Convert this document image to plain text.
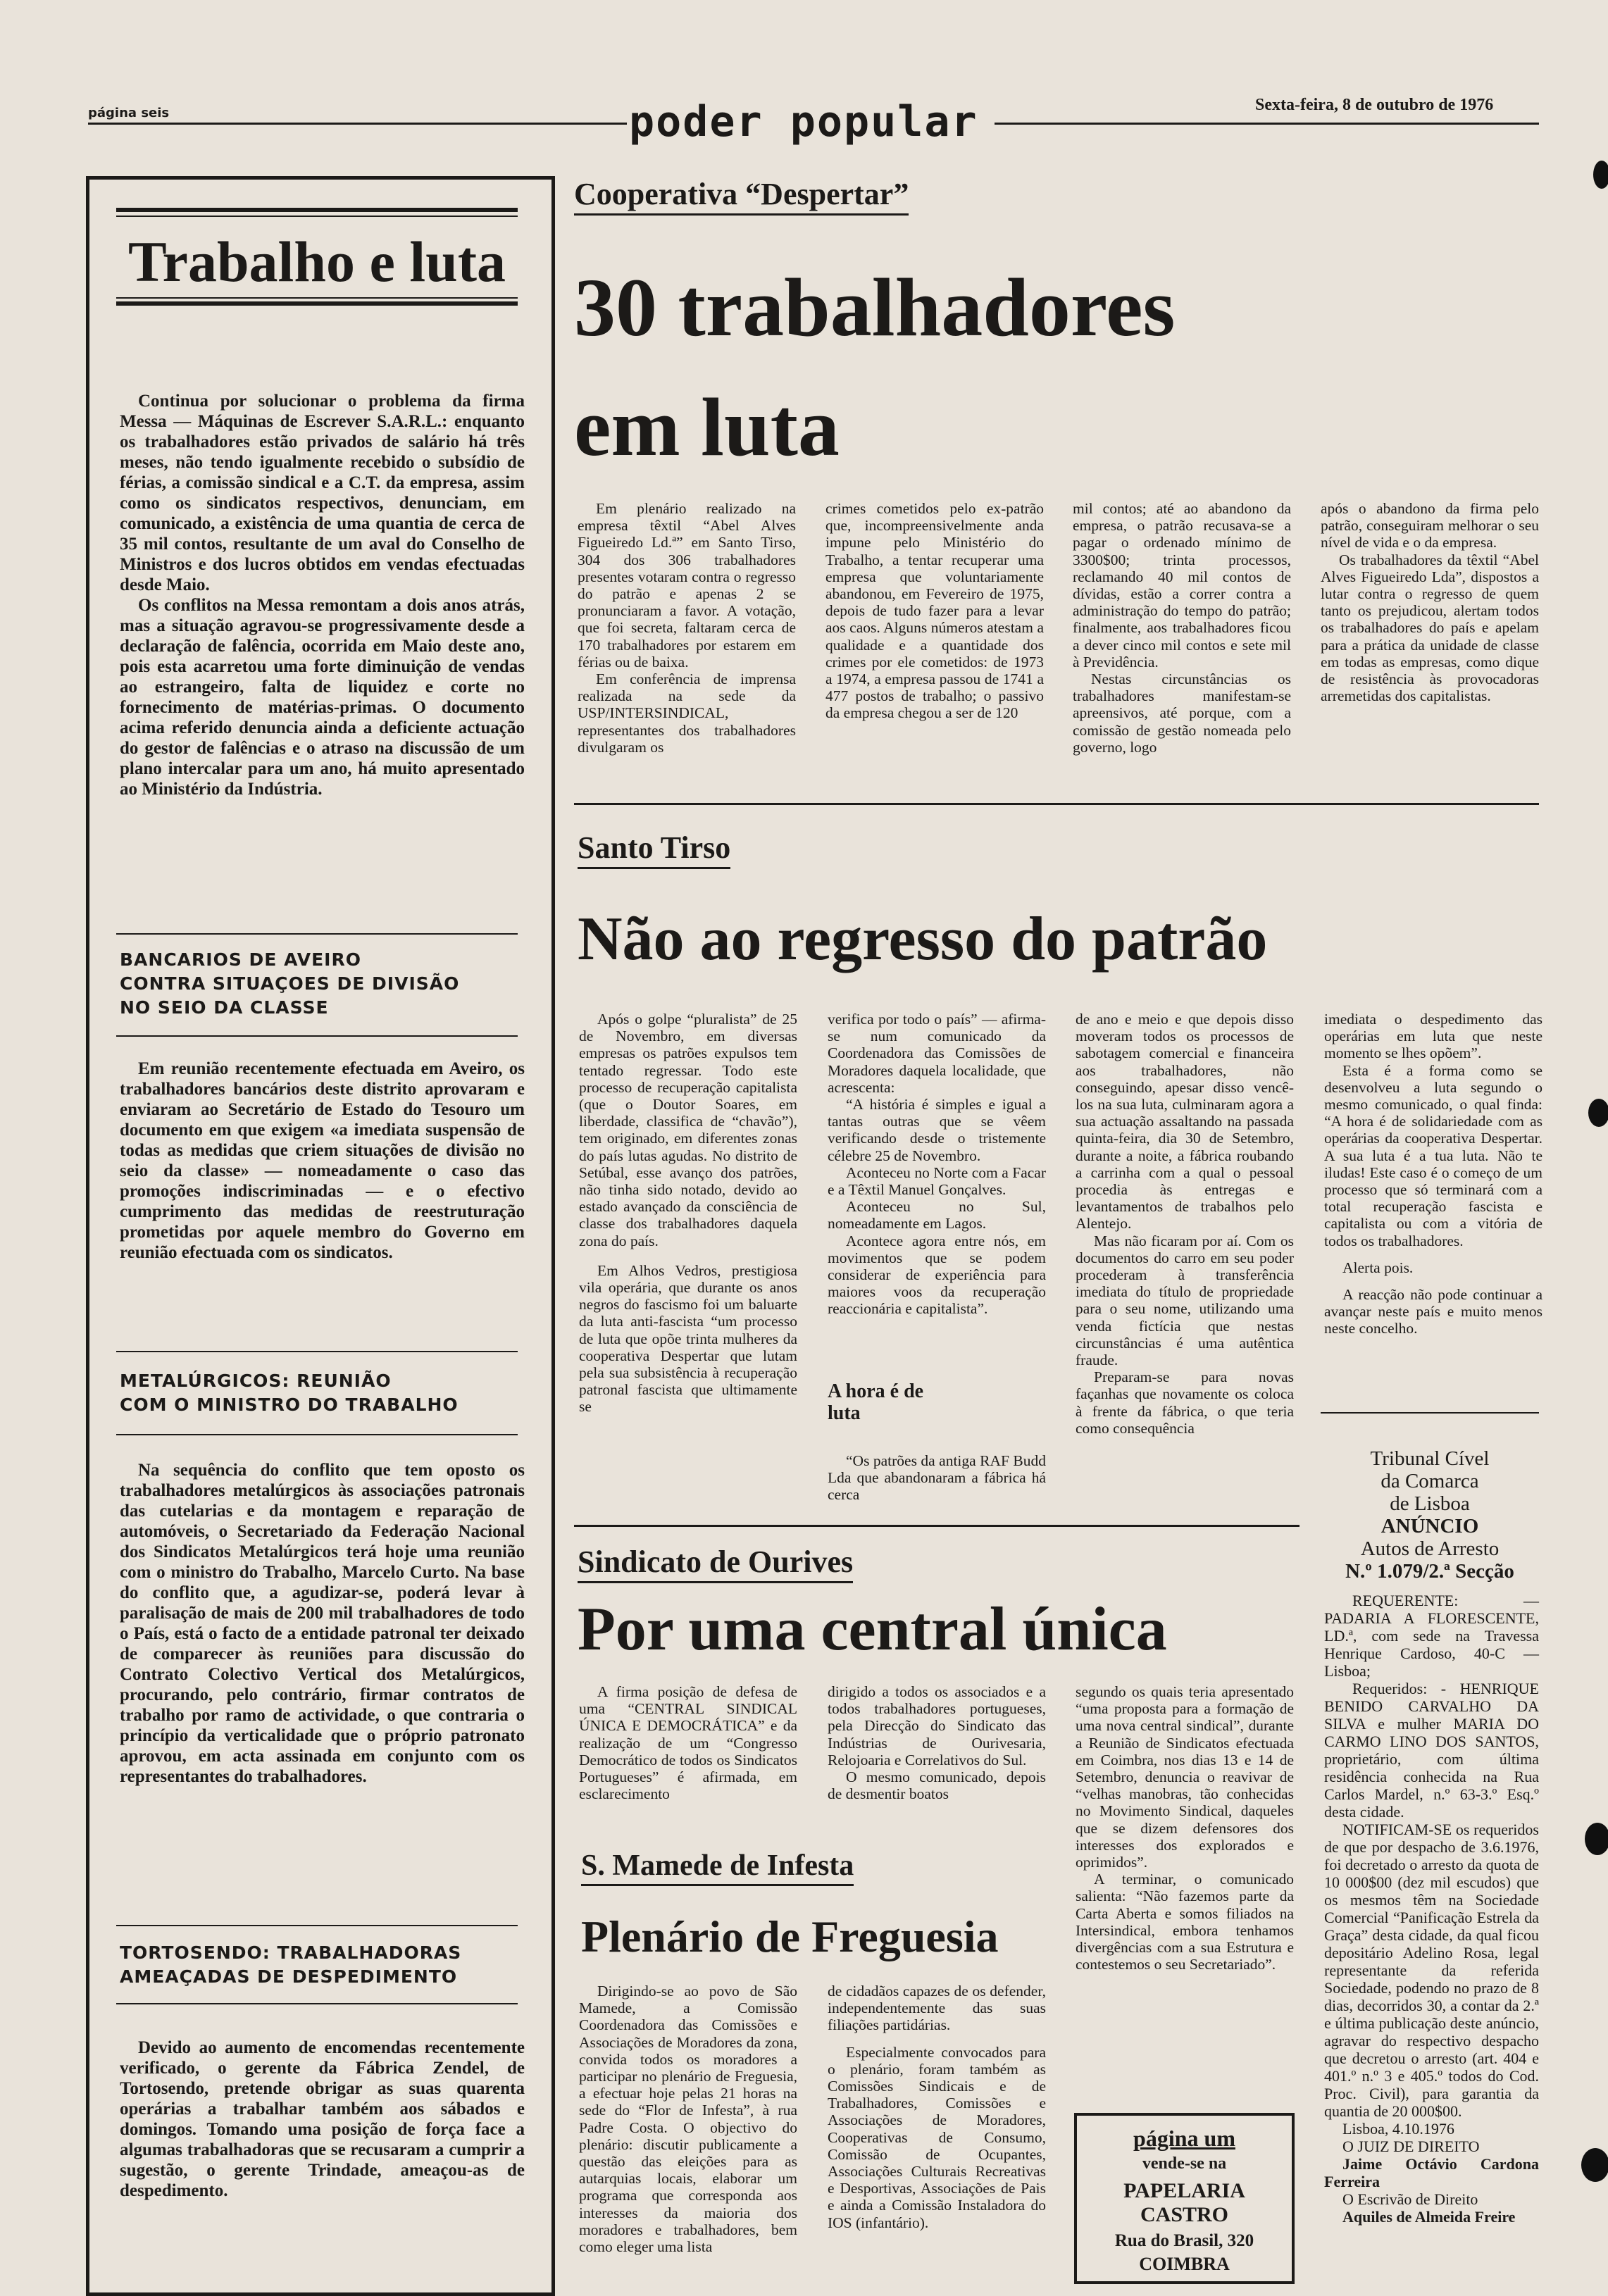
página seis	poder popular	Sexta-feira, 8 de outubro de 1976
Trabalho e luta

Continua por solucionar o problema da firma Messa — Máquinas de Escrever S.A.R.L.: enquanto os trabalhadores estão privados de salário há três meses, não tendo igualmente recebido o subsídio de férias, a comissão sindical e a C.T. da empresa, assim como os sindicatos respectivos, denunciam, em comunicado, a existência de uma quantia de cerca de 35 mil contos, resultante de um aval do Conselho de Ministros e dos lucros obtidos em vendas efectuadas desde Maio.

Os conflitos na Messa remontam a dois anos atrás, mas a situação agravou-se progressivamente desde a declaração de falência, ocorrida em Maio deste ano, pois esta acarretou uma forte diminuição de vendas ao estrangeiro, falta de liquidez e corte no fornecimento de matérias-primas. O documento acima referido denuncia ainda a deficiente actuação do gestor de falências e o atraso na discussão de um plano intercalar para um ano, há muito apresentado ao Ministério da Indústria.

BANCARIOS DE AVEIRO
CONTRA SITUAÇOES DE DIVISÃO
NO SEIO DA CLASSE

Em reunião recentemente efectuada em Aveiro, os trabalhadores bancários deste distrito aprovaram e enviaram ao Secretário de Estado do Tesouro um documento em que exigem «a imediata suspensão de todas as medidas que criem situações de divisão no seio da classe» — nomeadamente o caso das promoções indiscriminadas — e o efectivo cumprimento das medidas de reestruturação prometidas por aquele membro do Governo em reunião efectuada com os sindicatos.

METALÚRGICOS: REUNIÃO
COM O MINISTRO DO TRABALHO

Na sequência do conflito que tem oposto os trabalhadores metalúrgicos às associações patronais das cutelarias e da montagem e reparação de automóveis, o Secretariado da Federação Nacional dos Sindicatos Metalúrgicos terá hoje uma reunião com o ministro do Trabalho, Marcelo Curto. Na base do conflito que, a agudizar-se, poderá levar à paralisação de mais de 200 mil trabalhadores de todo o País, está o facto de a entidade patronal ter deixado de comparecer às reuniões para discussão do Contrato Colectivo Vertical dos Metalúrgicos, procurando, pelo contrário, firmar contratos de trabalho por ramo de actividade, o que contraria o princípio da verticalidade que o próprio patronato aprovou, em acta assinada em conjunto com os representantes do trabalhadores.

TORTOSENDO: TRABALHADORAS
AMEAÇADAS DE DESPEDIMENTO

Devido ao aumento de encomendas recentemente verificado, o gerente da Fábrica Zendel, de Tortosendo, pretende obrigar as suas quarenta operárias a trabalhar também aos sábados e domingos. Tomando uma posição de força face a algumas trabalhadoras que se recusaram a cumprir a sugestão, o gerente Trindade, ameaçou-as de despedimento.

Cooperativa “Despertar”
30 trabalhadores
em luta

Em plenário realizado na empresa têxtil “Abel Alves Figueiredo Ld.ª” em Santo Tirso, 304 dos 306 trabalhadores presentes votaram contra o regresso do patrão e apenas 2 se pronunciaram a favor. A votação, que foi secreta, faltaram cerca de 170 trabalhadores por estarem em férias ou de baixa.

Em conferência de imprensa realizada na sede da USP/INTERSINDICAL, representantes dos trabalhadores divulgaram os

crimes cometidos pelo ex-patrão que, incompreensivelmente anda impune pelo Ministério do Trabalho, a tentar recuperar uma empresa que voluntariamente abandonou, em Fevereiro de 1975, depois de tudo fazer para a levar aos caos. Alguns números atestam a qualidade e a quantidade dos crimes por ele cometidos: de 1973 a 1974, a empresa passou de 1741 a 477 postos de trabalho; o passivo da empresa chegou a ser de 120

mil contos; até ao abandono da empresa, o patrão recusava-se a pagar o ordenado mínimo de 3300$00; trinta processos, reclamando 40 mil contos de dívidas, estão a correr contra a administração do tempo do patrão; finalmente, aos trabalhadores ficou a dever cinco mil contos e sete mil à Previdência.

Nestas circunstâncias os trabalhadores manifestam-se apreensivos, até porque, com a comissão de gestão nomeada pelo governo, logo

após o abandono da firma pelo patrão, conseguiram melhorar o seu nível de vida e o da empresa.

Os trabalhadores da têxtil “Abel Alves Figueiredo Lda”, dispostos a lutar contra o regresso de quem tanto os prejudicou, alertam todos os trabalhadores do país e apelam para a prática da unidade de classe em todas as empresas, como dique de resistência às provocadoras arremetidas dos capitalistas.

Santo Tirso
Não ao regresso do patrão

Após o golpe “pluralista” de 25 de Novembro, em diversas empresas os patrões expulsos tem tentado regressar. Todo este processo de recuperação capitalista (que o Doutor Soares, em liberdade, classifica de “chavão”), tem originado, em diferentes zonas do país lutas agudas. No distrito de Setúbal, esse avanço dos patrões, não tinha sido notado, devido ao estado avançado da consciência de classe dos trabalhadores daquela zona do país.

Em Alhos Vedros, prestigiosa vila operária, que durante os anos negros do fascismo foi um baluarte da luta anti-fascista “um processo de luta que opõe trinta mulheres da cooperativa Despertar que lutam pela sua subsistência à recuperação patronal fascista que ultimamente se

verifica por todo o país” — afirma-se num comunicado da Coordenadora das Comissões de Moradores daquela localidade, que acrescenta:

“A história é simples e igual a tantas outras que se vêem verificando desde o tristemente célebre 25 de Novembro.

Aconteceu no Norte com a Facar e a Têxtil Manuel Gonçalves.

Aconteceu no Sul, nomeadamente em Lagos.

Acontece agora entre nós, em movimentos que se podem considerar de experiência para maiores voos da recuperação reaccionária e capitalista”.

A hora é de luta

“Os patrões da antiga RAF Budd Lda que abandonaram a fábrica há cerca

de ano e meio e que depois disso moveram todos os processos de sabotagem comercial e financeira aos trabalhadores, não conseguindo, apesar disso vencê-los na sua luta, culminaram agora a sua actuação assaltando na passada quinta-feira, dia 30 de Setembro, durante a noite, a fábrica roubando a carrinha com a qual o pessoal procedia às entregas e levantamentos de trabalhos pelo Alentejo.

Mas não ficaram por aí. Com os documentos do carro em seu poder procederam à transferência imediata do título de propriedade para o seu nome, utilizando uma venda fictícia que nestas circunstâncias é uma autêntica fraude.

Preparam-se para novas façanhas que novamente os coloca à frente da fábrica, o que teria como consequência

imediata o despedimento das operárias em luta que neste momento se lhes opõem”.

Esta é a forma como se desenvolveu a luta segundo o mesmo comunicado, o qual finda: “A hora é de solidariedade com as operárias da cooperativa Despertar. A sua luta é a tua luta. Não te iludas! Este caso é o começo de um processo que só terminará com a total recuperação fascista e capitalista ou com a vitória de todos os trabalhadores.

Alerta pois.

A reacção não pode continuar a avançar neste país e muito menos neste concelho.

Sindicato de Ourives
Por uma central única

A firma posição de defesa de uma “CENTRAL SINDICAL ÚNICA E DEMOCRÁTICA” e da realização de um “Congresso Democrático de todos os Sindicatos Portugueses” é afirmada, em esclarecimento

dirigido a todos os associados e a todos trabalhadores portugueses, pela Direcção do Sindicato das Indústrias de Ourivesaria, Relojoaria e Correlativos do Sul.

O mesmo comunicado, depois de desmentir boatos

segundo os quais teria apresentado “uma proposta para a formação de uma nova central sindical”, durante a Reunião de Sindicatos efectuada em Coimbra, nos dias 13 e 14 de Setembro, denuncia o reavivar de “velhas manobras, tão conhecidas no Movimento Sindical, daqueles que se dizem defensores dos interesses dos explorados e oprimidos”.

A terminar, o comunicado salienta: “Não fazemos parte da Carta Aberta e somos filiados na Intersindical, embora tenhamos divergências com a sua Estrutura e contestemos o seu Secretariado”.

S. Mamede de Infesta
Plenário de Freguesia

Dirigindo-se ao povo de São Mamede, a Comissão Coordenadora das Comissões e Associações de Moradores da zona, convida todos os moradores a participar no plenário de Freguesia, a efectuar hoje pelas 21 horas na sede do “Flor de Infesta”, à rua Padre Costa. O objectivo do plenário: discutir publicamente a questão das eleições para as autarquias locais, elaborar um programa que corresponda aos interesses da maioria dos moradores e trabalhadores, bem como eleger uma lista

de cidadãos capazes de os defender, independentemente das suas filiações partidárias.

Especialmente convocados para o plenário, foram também as Comissões Sindicais e de Trabalhadores, Comissões e Associações de Moradores, Cooperativas de Consumo, Comissão de Ocupantes, Associações Culturais Recreativas e Desportivas, Associações de Pais e ainda a Comissão Instaladora do IOS (infantário).

página um
vende-se na
PAPELARIA
CASTRO
Rua do Brasil, 320
COIMBRA
Tribunal Cível
da Comarca
de Lisboa
ANÚNCIO
Autos de Arresto
N.º 1.079/2.ª Secção

REQUERENTE: — PADARIA A FLORESCENTE, LD.ª, com sede na Travessa Henrique Cardoso, 40-C — Lisboa;

Requeridos: - HENRIQUE BENIDO CARVALHO DA SILVA e mulher MARIA DO CARMO LINO DOS SANTOS, proprietário, com última residência conhecida na Rua Carlos Mardel, n.º 63-3.º Esq.º desta cidade.

NOTIFICAM-SE os requeridos de que por despacho de 3.6.1976, foi decretado o arresto da quota de 10 000$00 (dez mil escudos) que os mesmos têm na Sociedade Comercial “Panificação Estrela da Graça” desta cidade, da qual ficou depositário Adelino Rosa, legal representante da referida Sociedade, podendo no prazo de 8 dias, decorridos 30, a contar da 2.ª e última publicação deste anúncio, agravar do respectivo despacho que decretou o arresto (art. 404 e 401.º n.º 3 e 405.º todos do Cod. Proc. Civil), para garantia da quantia de 20 000$00.

Lisboa, 4.10.1976

O JUIZ DE DIREITO

Jaime Octávio Cardona Ferreira

O Escrivão de Direito

Aquiles de Almeida Freire
